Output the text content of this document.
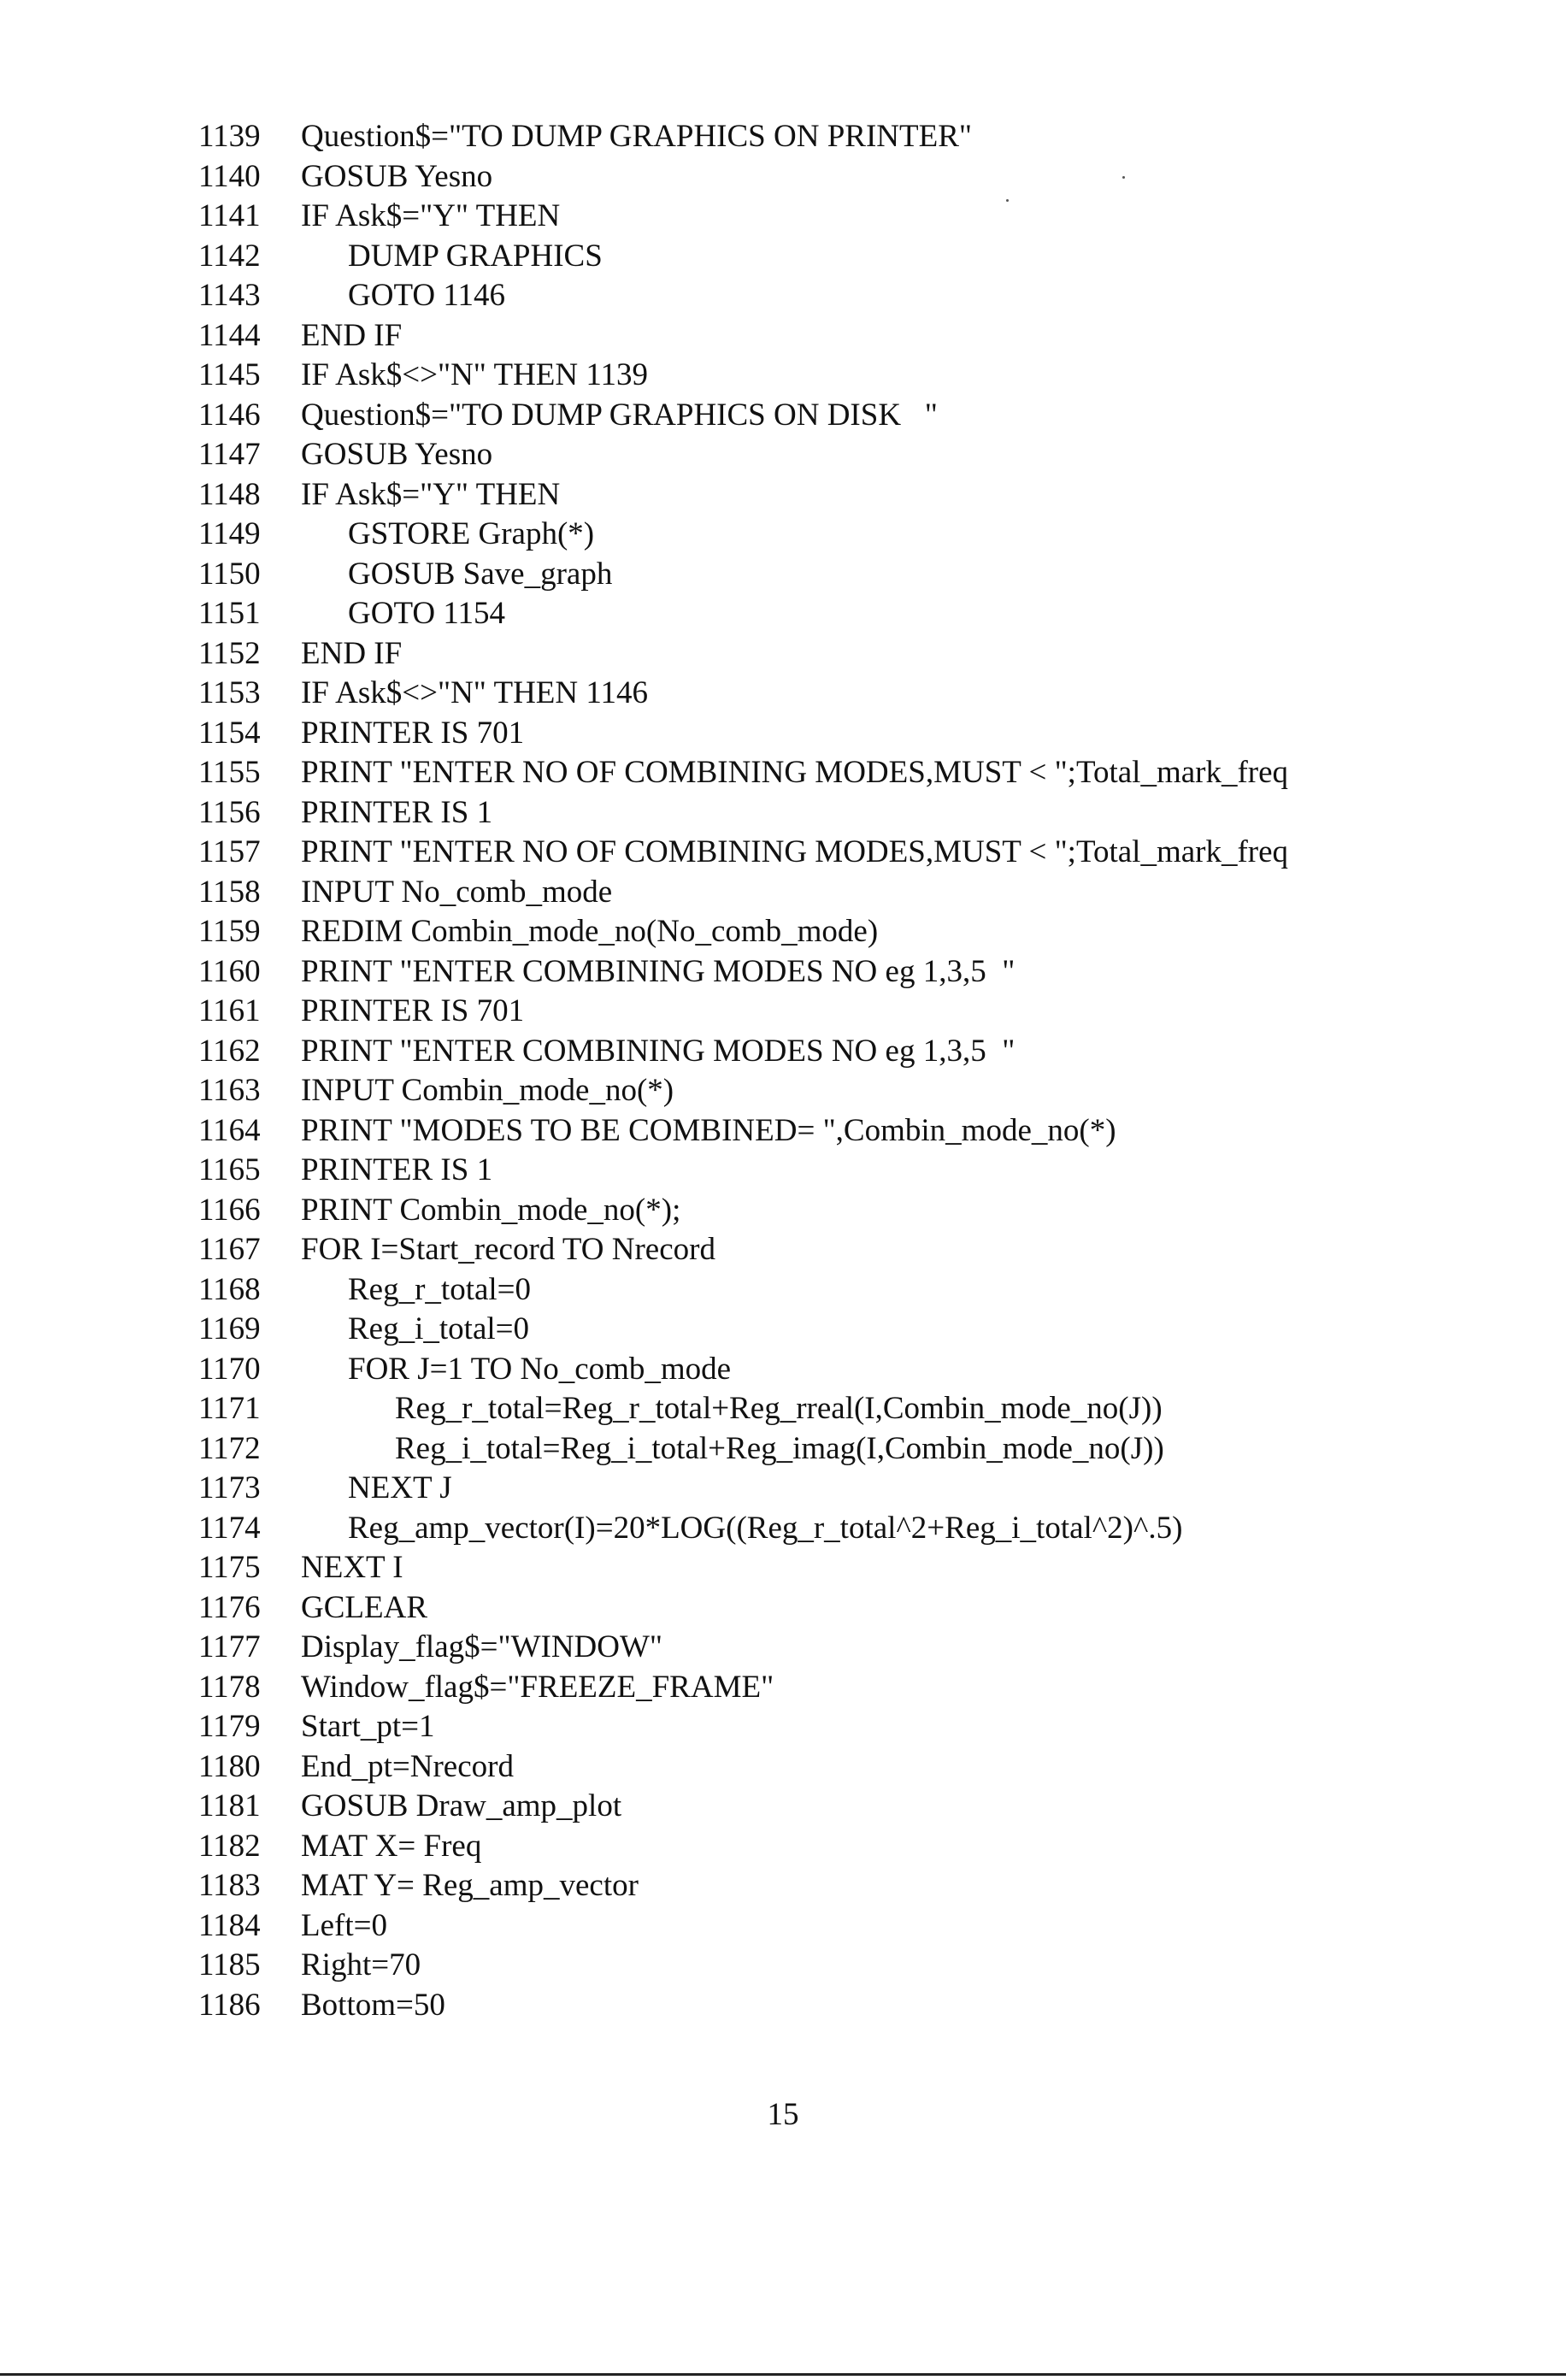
1139	Question$="TO DUMP GRAPHICS ON PRINTER"
1140	GOSUB Yesno
1141	IF Ask$="Y" THEN
1142	DUMP GRAPHICS
1143	GOTO 1146
1144	END IF
1145	IF Ask$<>"N" THEN 1139
1146	Question$="TO DUMP GRAPHICS ON DISK   "
1147	GOSUB Yesno
1148	IF Ask$="Y" THEN
1149	GSTORE Graph(*)
1150	GOSUB Save_graph
1151	GOTO 1154
1152	END IF
1153	IF Ask$<>"N" THEN 1146
1154	PRINTER IS 701
1155	PRINT "ENTER NO OF COMBINING MODES,MUST < ";Total_mark_freq
1156	PRINTER IS 1
1157	PRINT "ENTER NO OF COMBINING MODES,MUST < ";Total_mark_freq
1158	INPUT No_comb_mode
1159	REDIM Combin_mode_no(No_comb_mode)
1160	PRINT "ENTER COMBINING MODES NO eg 1,3,5  "
1161	PRINTER IS 701
1162	PRINT "ENTER COMBINING MODES NO eg 1,3,5  "
1163	INPUT Combin_mode_no(*)
1164	PRINT "MODES TO BE COMBINED= ",Combin_mode_no(*)
1165	PRINTER IS 1
1166	PRINT Combin_mode_no(*);
1167	FOR I=Start_record TO Nrecord
1168	Reg_r_total=0
1169	Reg_i_total=0
1170	FOR J=1 TO No_comb_mode
1171	Reg_r_total=Reg_r_total+Reg_rreal(I,Combin_mode_no(J))
1172	Reg_i_total=Reg_i_total+Reg_imag(I,Combin_mode_no(J))
1173	NEXT J
1174	Reg_amp_vector(I)=20*LOG((Reg_r_total^2+Reg_i_total^2)^.5)
1175	NEXT I
1176	GCLEAR
1177	Display_flag$="WINDOW"
1178	Window_flag$="FREEZE_FRAME"
1179	Start_pt=1
1180	End_pt=Nrecord
1181	GOSUB Draw_amp_plot
1182	MAT X= Freq
1183	MAT Y= Reg_amp_vector
1184	Left=0
1185	Right=70
1186	Bottom=50
15
